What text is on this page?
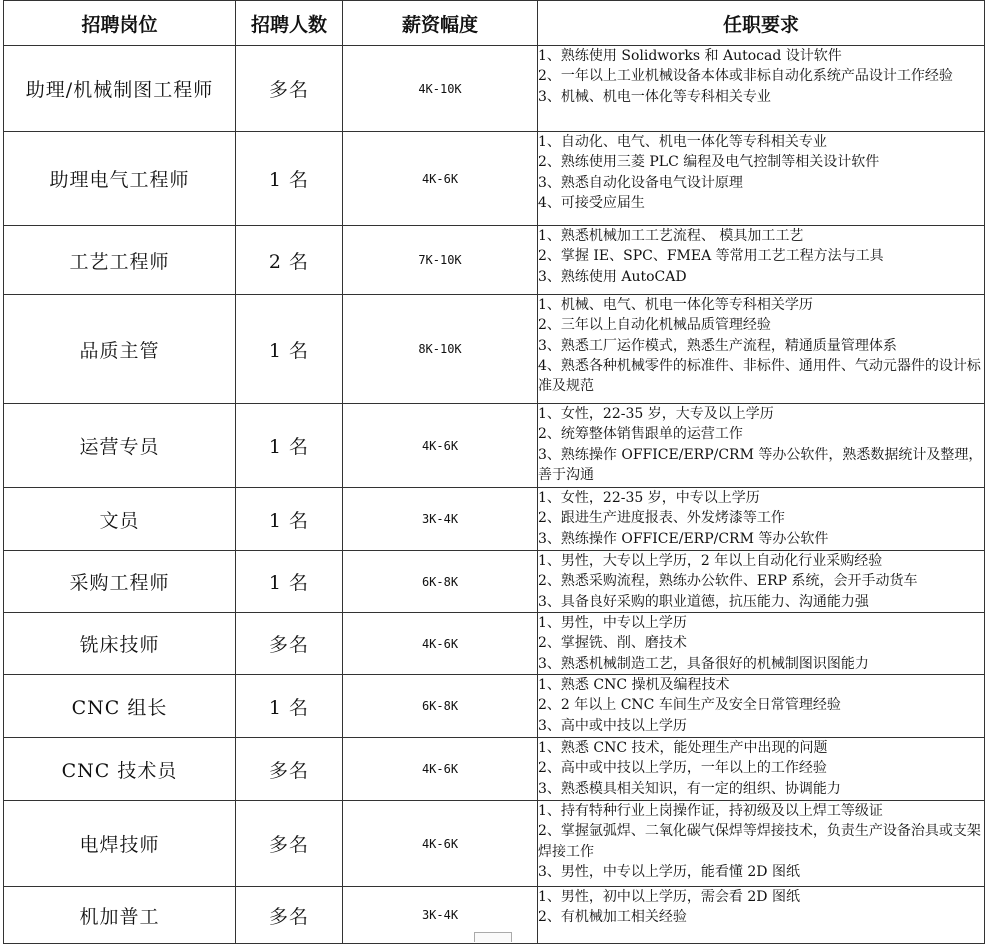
招聘岗位	招聘人数	薪资幅度	任职要求
助理/机械制图工程师	多名	4K-10K	1、熟练使用 Solidworks 和 Autocad 设计软件
2、一年以上工业机械设备本体或非标自动化系统产品设计工作经验
3、机械、机电一体化等专科相关专业

助理电气工程师	1 名	4K-6K	1、自动化、电气、机电一体化等专科相关专业
2、熟练使用三菱 PLC 编程及电气控制等相关设计软件
3、熟悉自动化设备电气设计原理
4、可接受应届生

工艺工程师	2 名	7K-10K	1、熟悉机械加工工艺流程、 模具加工工艺
2、掌握 IE、SPC、FMEA 等常用工艺工程方法与工具
3、熟练使用 AutoCAD

品质主管	1 名	8K-10K	1、机械、电气、机电一体化等专科相关学历
2、三年以上自动化机械品质管理经验
3、熟悉工厂运作模式，熟悉生产流程，精通质量管理体系
4、熟悉各种机械零件的标准件、非标件、通用件、气动元器件的设计标准及规范

运营专员	1 名	4K-6K	1、女性，22-35 岁，大专及以上学历
2、统筹整体销售跟单的运营工作
3、熟练操作 OFFICE/ERP/CRM 等办公软件，熟悉数据统计及整理，善于沟通

文员	1 名	3K-4K	1、女性，22-35 岁，中专以上学历
2、跟进生产进度报表、外发烤漆等工作
3、熟练操作 OFFICE/ERP/CRM 等办公软件

采购工程师	1 名	6K-8K	1、男性，大专以上学历，2 年以上自动化行业采购经验
2、熟悉采购流程，熟练办公软件、ERP 系统，会开手动货车
3、具备良好采购的职业道德，抗压能力、沟通能力强

铣床技师	多名	4K-6K	1、男性，中专以上学历
2、掌握铣、削、磨技术
3、熟悉机械制造工艺，具备很好的机械制图识图能力

CNC 组长	1 名	6K-8K	1、熟悉 CNC 操机及编程技术
2、2 年以上 CNC 车间生产及安全日常管理经验
3、高中或中技以上学历

CNC 技术员	多名	4K-6K	1、熟悉 CNC 技术，能处理生产中出现的问题
2、高中或中技以上学历，一年以上的工作经验
3、熟悉模具相关知识，有一定的组织、协调能力

电焊技师	多名	4K-6K	1、持有特种行业上岗操作证，持初级及以上焊工等级证
2、掌握氩弧焊、二氧化碳气保焊等焊接技术，负责生产设备治具或支架焊接工作
3、男性，中专以上学历，能看懂 2D 图纸

机加普工	多名	3K-4K	1、男性，初中以上学历，需会看 2D 图纸
2、有机械加工相关经验
